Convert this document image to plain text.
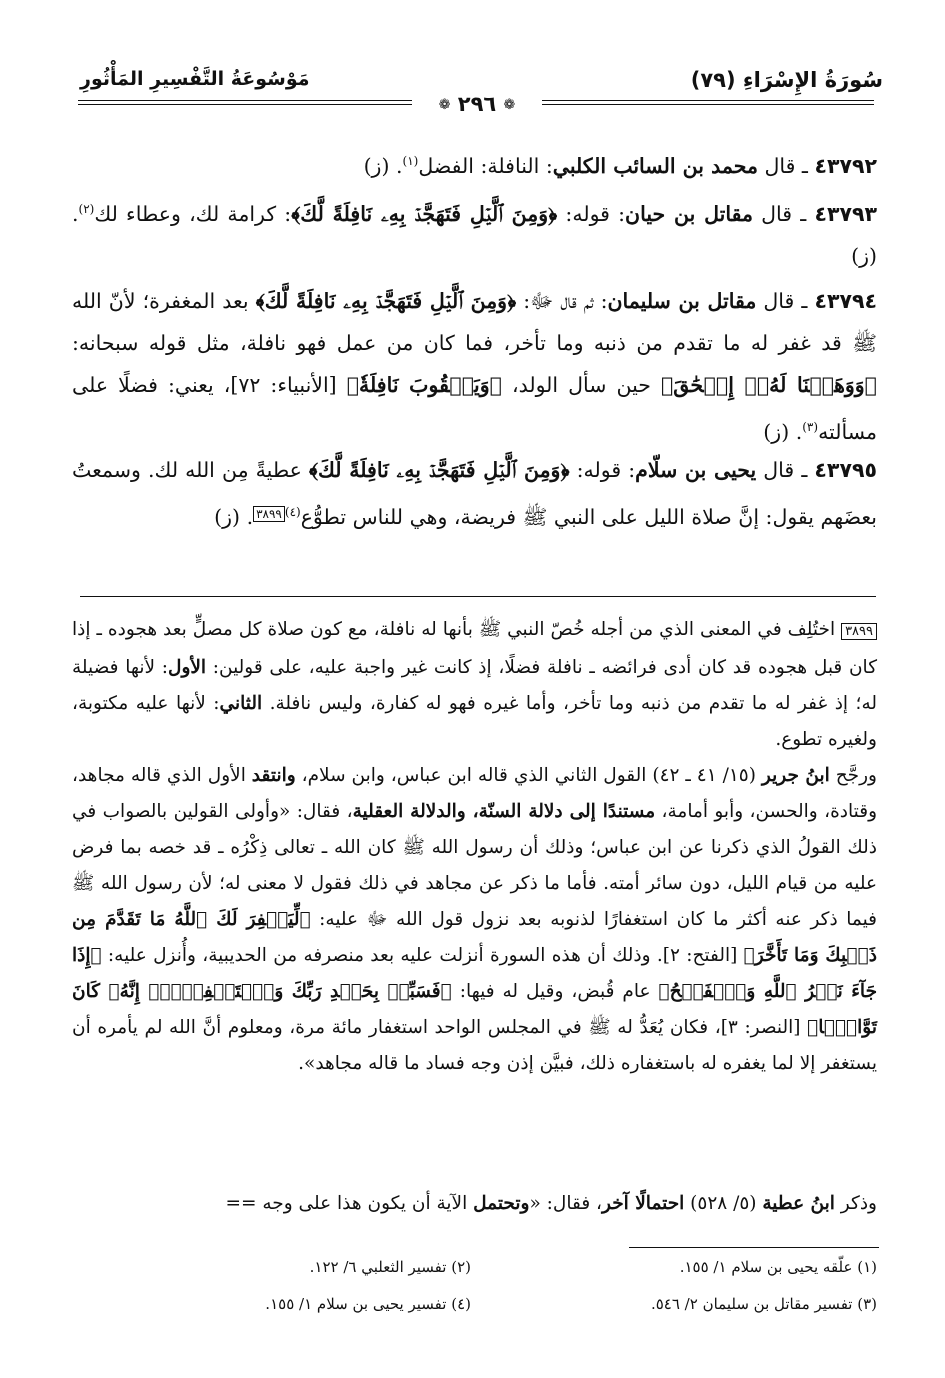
سُورَةُ الإِسْرَاءِ (٧٩)
مَوْسُوعَةُ التَّفْسِيرِ المَأْثُورِ
❁ ٢٩٦ ❁
٤٣٧٩٢ ـ قال محمد بن السائب الكلبي: النافلة: الفضل$^{(١)}$. (ز)
٤٣٧٩٣ ـ قال مقاتل بن حيان: قوله: ﴿وَمِنَ ٱلَّيۡلِ فَتَهَجَّدۡ بِهِۦ نَافِلَةً لَّكَ﴾: كرامة لك، وعطاء لك$^{(٢)}$. (ز)
٤٣٧٩٤ ـ قال مقاتل بن سليمان: ثم قال ﷻ: ﴿وَمِنَ ٱلَّيۡلِ فَتَهَجَّدۡ بِهِۦ نَافِلَةً لَّكَ﴾ بعد المغفرة؛ لأنّ الله ﷺ قد غفر له ما تقدم من ذنبه وما تأخر، فما كان من عمل فهو نافلة، مثل قوله سبحانه: ﴿وَوَهَبۡنَا لَهُۥٓ إِسۡحَٰقَ﴾ حين سأل الولد، ﴿وَيَعۡقُوبَ نَافِلَةٗ﴾ [الأنبياء: ٧٢]، يعني: فضلًا على مسألته$^{(٣)}$. (ز)
٤٣٧٩٥ ـ قال يحيى بن سلّام: قوله: ﴿وَمِنَ ٱلَّيۡلِ فَتَهَجَّدۡ بِهِۦ نَافِلَةً لَّكَ﴾ عطيةً مِن الله لك. وسمعتُ بعضَهم يقول: إنَّ صلاة الليل على النبي ﷺ فريضة، وهي للناس تطوُّع$^{(٤)٣٨٩٩}$. (ز)
٣٨٩٩ اختُلِف في المعنى الذي من أجله خُصّ النبي ﷺ بأنها له نافلة، مع كون صلاة كل مصلٍّ بعد هجوده ـ إذا كان قبل هجوده قد كان أدى فرائضه ـ نافلة فضلًا، إذ كانت غير واجبة عليه، على قولين: الأول: لأنها فضيلة له؛ إذ غفر له ما تقدم من ذنبه وما تأخر، وأما غيره فهو له كفارة، وليس نافلة. الثاني: لأنها عليه مكتوبة، ولغيره تطوع.
ورجَّح ابنُ جرير (١٥/ ٤١ ـ ٤٢) القول الثاني الذي قاله ابن عباس، وابن سلام، وانتقد الأول الذي قاله مجاهد، وقتادة، والحسن، وأبو أمامة، مستندًا إلى دلالة السنّة، والدلالة العقلية، فقال: «وأولى القولين بالصواب في ذلك القولُ الذي ذكرنا عن ابن عباس؛ وذلك أن رسول الله ﷺ كان الله ـ تعالى ذِكْرُه ـ قد خصه بما فرض عليه من قيام الليل، دون سائر أمته. فأما ما ذكر عن مجاهد في ذلك فقول لا معنى له؛ لأن رسول الله ﷺ فيما ذكر عنه أكثر ما كان استغفارًا لذنوبه بعد نزول قول الله ﷻ عليه: ﴿لِّيَغۡفِرَ لَكَ ٱللَّهُ مَا تَقَدَّمَ مِن ذَنۢبِكَ وَمَا تَأَخَّرَ﴾ [الفتح: ٢]. وذلك أن هذه السورة أنزلت عليه بعد منصرفه من الحديبية، وأُنزل عليه: ﴿إِذَا جَآءَ نَصۡرُ ٱللَّهِ وَٱلۡفَتۡحُ﴾ عام قُبض، وقيل له فيها: ﴿فَسَبِّحۡ بِحَمۡدِ رَبِّكَ وَٱسۡتَغۡفِرۡهُۚ إِنَّهُۥ كَانَ تَوَّابَۢا﴾ [النصر: ٣]، فكان يُعَدُّ له ﷺ في المجلس الواحد استغفار مائة مرة، ومعلوم أنَّ الله لم يأمره أن يستغفر إلا لما يغفره له باستغفاره ذلك، فبيَّن إذن وجه فساد ما قاله مجاهد».
وذكر ابنُ عطية (٥/ ٥٢٨) احتمالًا آخر، فقال: «وتحتمل الآية أن يكون هذا على وجه ==
(١) علّقه يحيى بن سلام ١/ ١٥٥.
(٢) تفسير الثعلبي ٦/ ١٢٢.
(٣) تفسير مقاتل بن سليمان ٢/ ٥٤٦.
(٤) تفسير يحيى بن سلام ١/ ١٥٥.
